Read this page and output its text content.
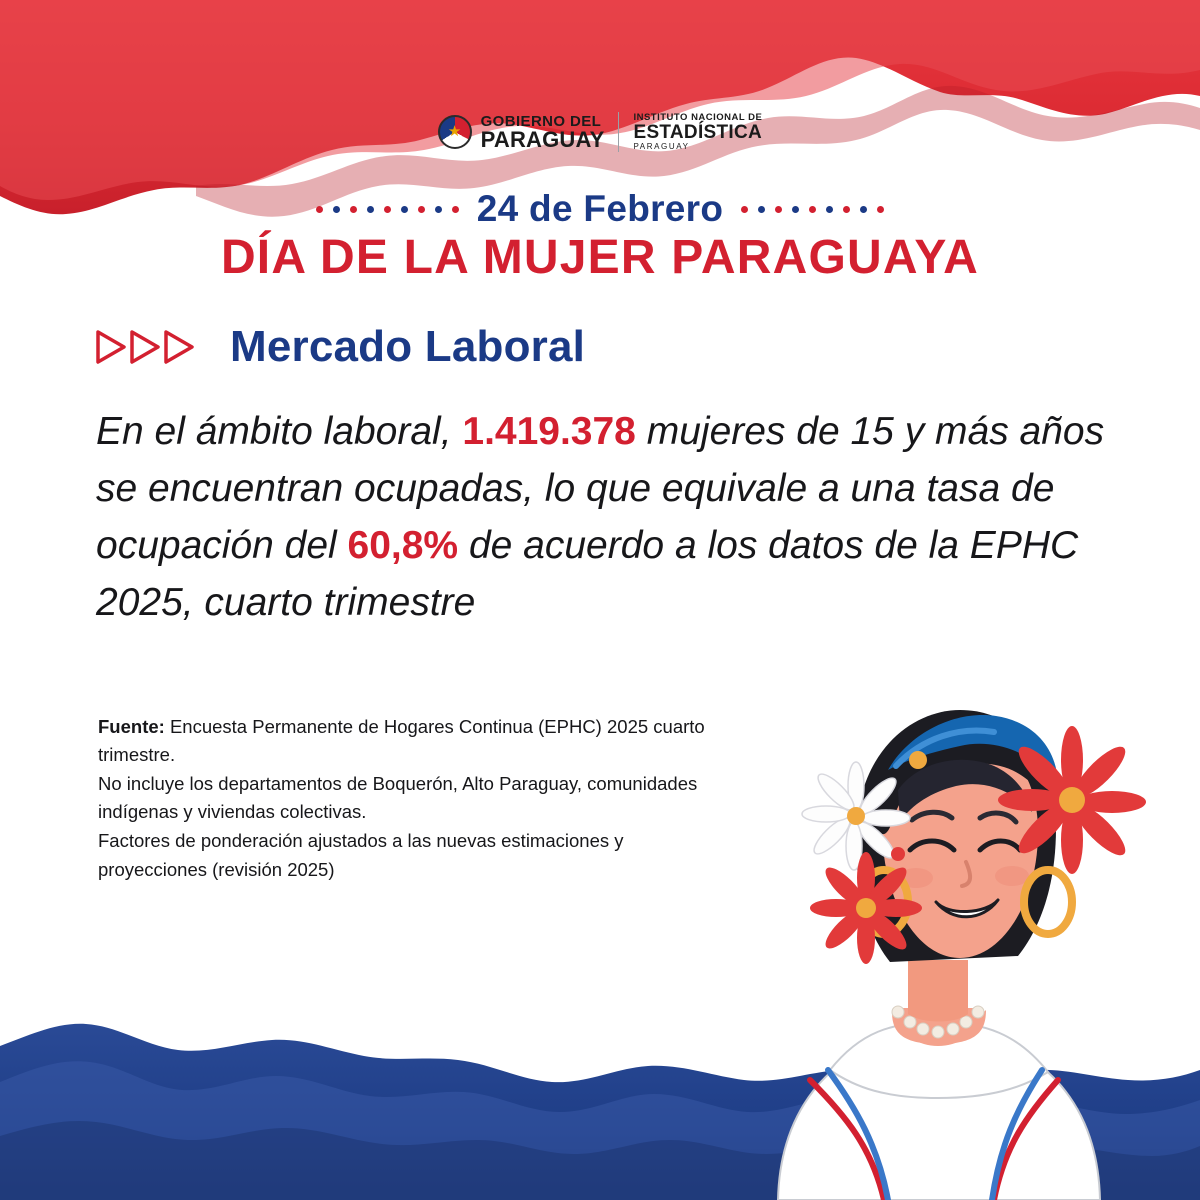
★
GOBIERNO DEL
PARAGUAY
INSTITUTO NACIONAL DE
ESTADÍSTICA
PARAGUAY
24 de Febrero
DÍA DE LA MUJER PARAGUAYA
Mercado Laboral
En el ámbito laboral, 1.419.378 mujeres de 15 y más años se encuentran ocupadas, lo que equivale a una tasa de ocupación del 60,8% de acuerdo a los datos de la EPHC 2025, cuarto trimestre

Fuente: Encuesta Permanente de Hogares Continua (EPHC) 2025 cuarto trimestre.

No incluye los departamentos de Boquerón, Alto Paraguay, comunidades indígenas y viviendas colectivas.

Factores de ponderación ajustados a las nuevas estimaciones y proyecciones (revisión 2025)
